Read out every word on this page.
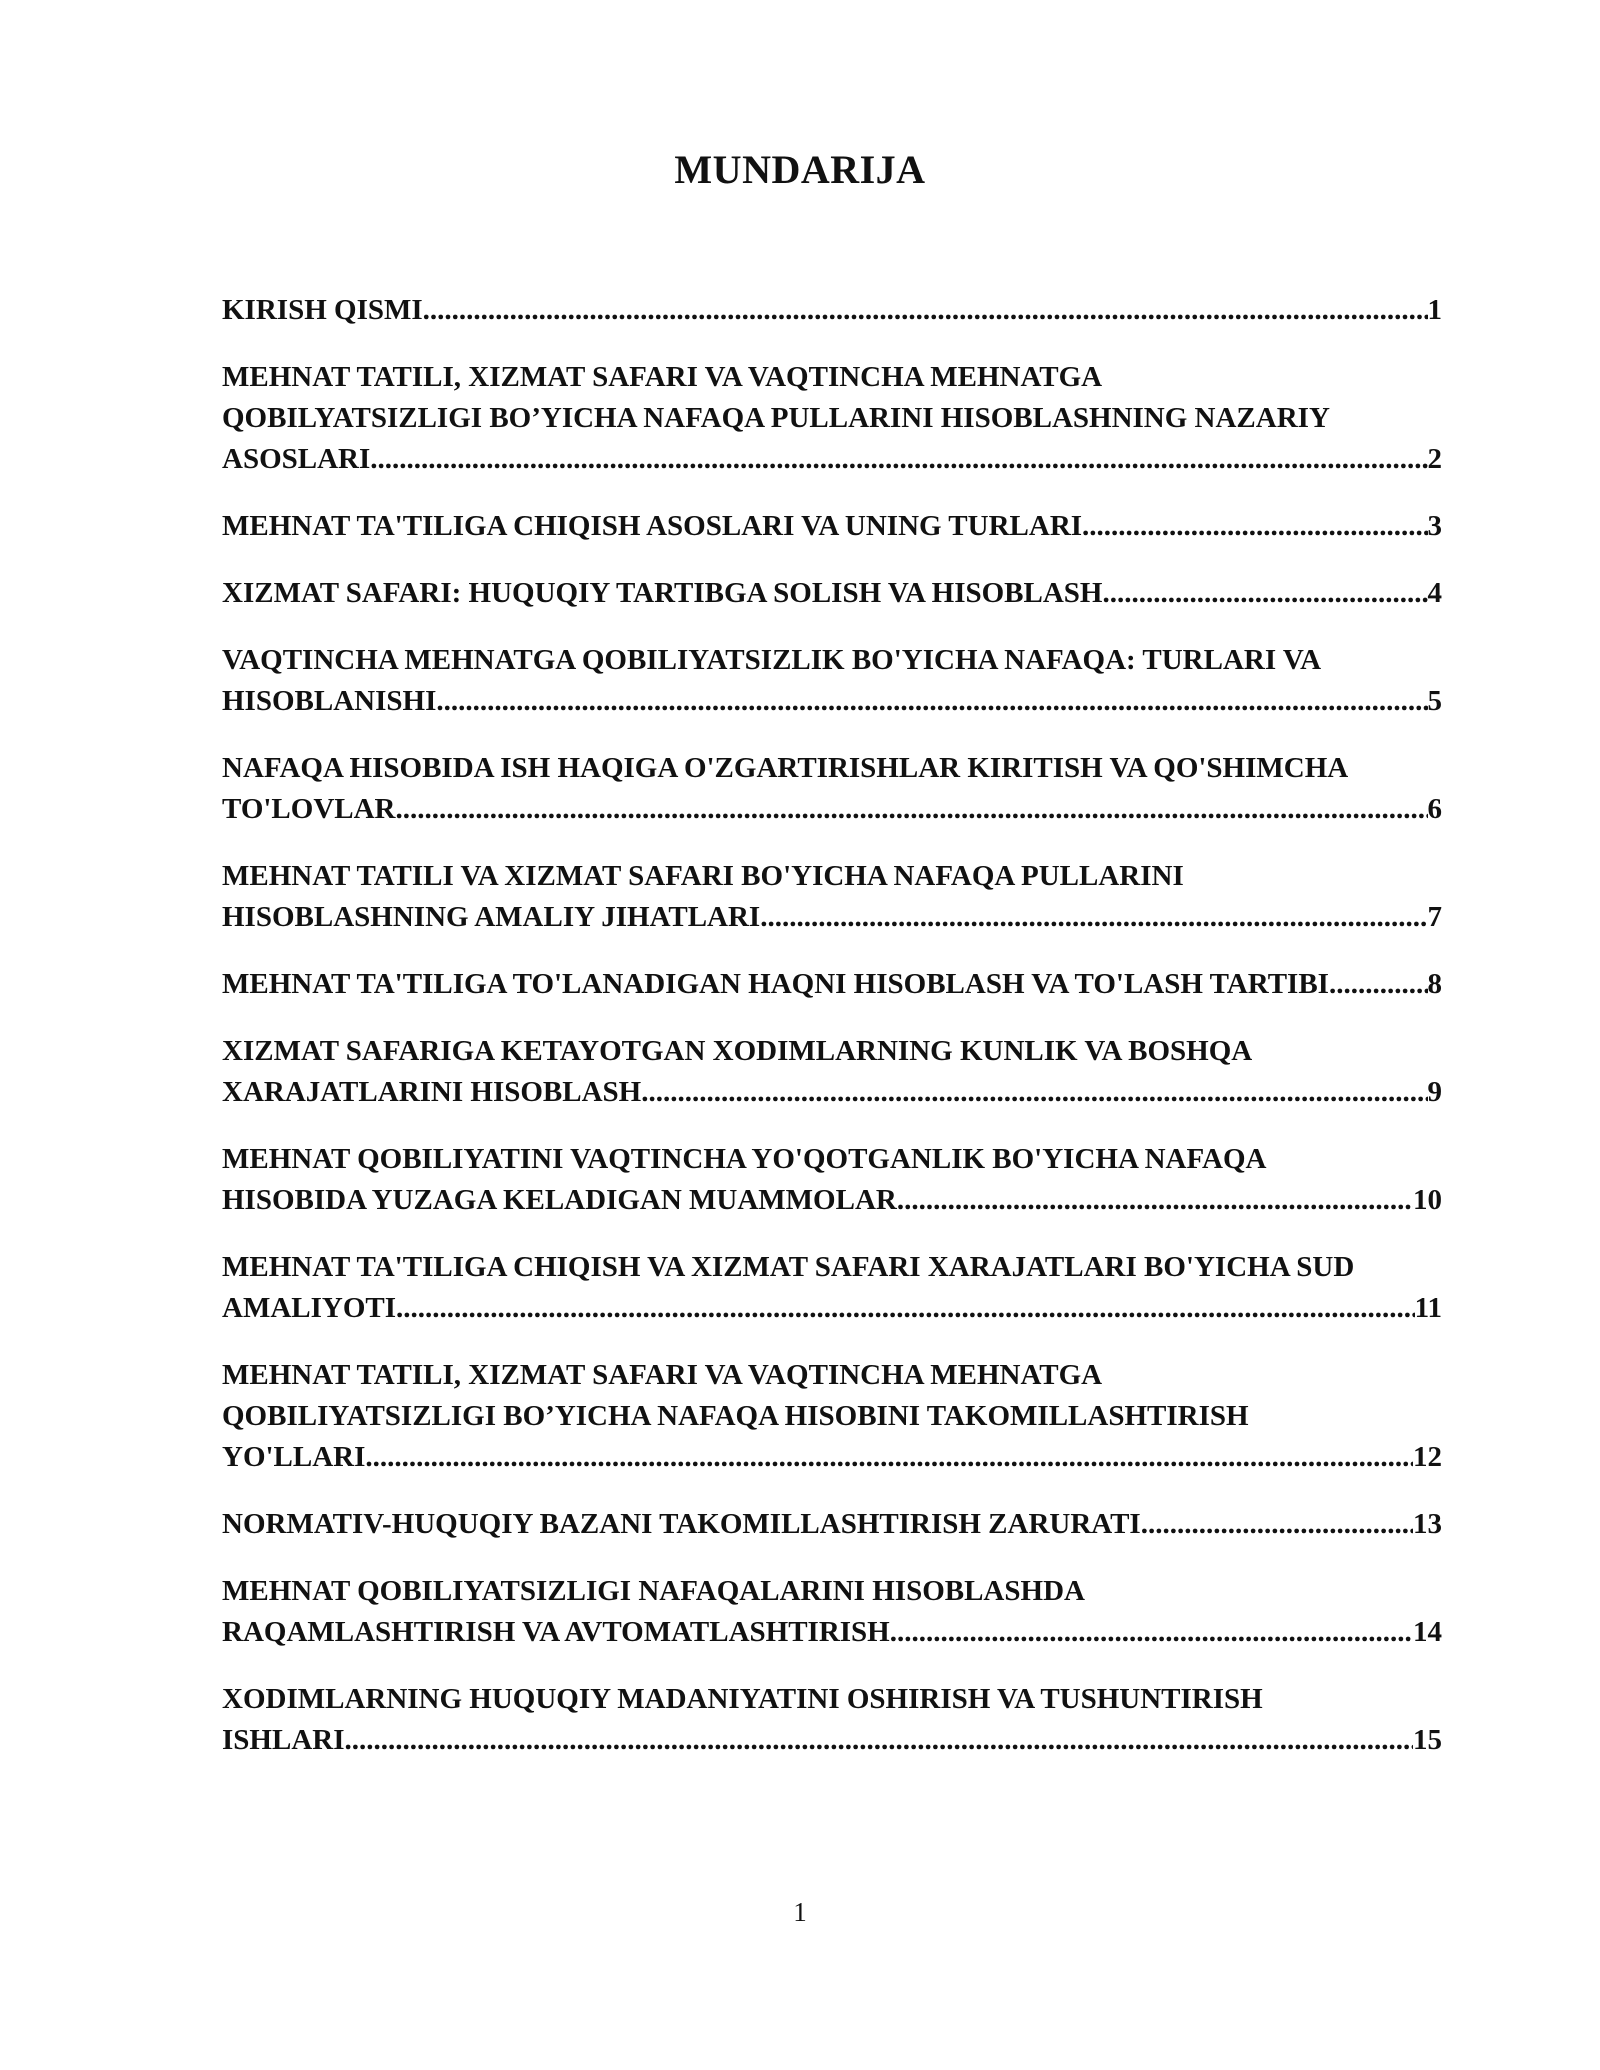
MUNDARIJA
KIRISH QISMI .....	1
MEHNAT TATILI, XIZMAT SAFARI VA VAQTINCHA MEHNATGA
QOBILYATSIZLIGI BO’YICHA NAFAQA PULLARINI HISOBLASHNING NAZARIY
ASOSLARI .....	2
MEHNAT TA'TILIGA CHIQISH ASOSLARI VA UNING TURLARI .....	3
XIZMAT SAFARI: HUQUQIY TARTIBGA SOLISH VA HISOBLASH .....	4
VAQTINCHA MEHNATGA QOBILIYATSIZLIK BO'YICHA NAFAQA: TURLARI VA
HISOBLANISHI .....	5
NAFAQA HISOBIDA ISH HAQIGA O'ZGARTIRISHLAR KIRITISH VA QO'SHIMCHA
TO'LOVLAR .....	6
MEHNAT TATILI VA XIZMAT SAFARI BO'YICHA NAFAQA PULLARINI
HISOBLASHNING AMALIY JIHATLARI .....	7
MEHNAT TA'TILIGA TO'LANADIGAN HAQNI HISOBLASH VA TO'LASH TARTIBI .....	8
XIZMAT SAFARIGA KETAYOTGAN XODIMLARNING KUNLIK VA BOSHQA
XARAJATLARINI HISOBLASH .....	9
MEHNAT QOBILIYATINI VAQTINCHA YO'QOTGANLIK BO'YICHA NAFAQA
HISOBIDA YUZAGA KELADIGAN MUAMMOLAR .....	10
MEHNAT TA'TILIGA CHIQISH VA XIZMAT SAFARI XARAJATLARI BO'YICHA SUD
AMALIYOTI .....	11
MEHNAT TATILI, XIZMAT SAFARI VA VAQTINCHA MEHNATGA
QOBILIYATSIZLIGI BO’YICHA NAFAQA HISOBINI TAKOMILLASHTIRISH
YO'LLARI .....	12
NORMATIV-HUQUQIY BAZANI TAKOMILLASHTIRISH ZARURATI .....	13
MEHNAT QOBILIYATSIZLIGI NAFAQALARINI HISOBLASHDA
RAQAMLASHTIRISH VA AVTOMATLASHTIRISH .....	14
XODIMLARNING HUQUQIY MADANIYATINI OSHIRISH VA TUSHUNTIRISH
ISHLARI .....	15
1
